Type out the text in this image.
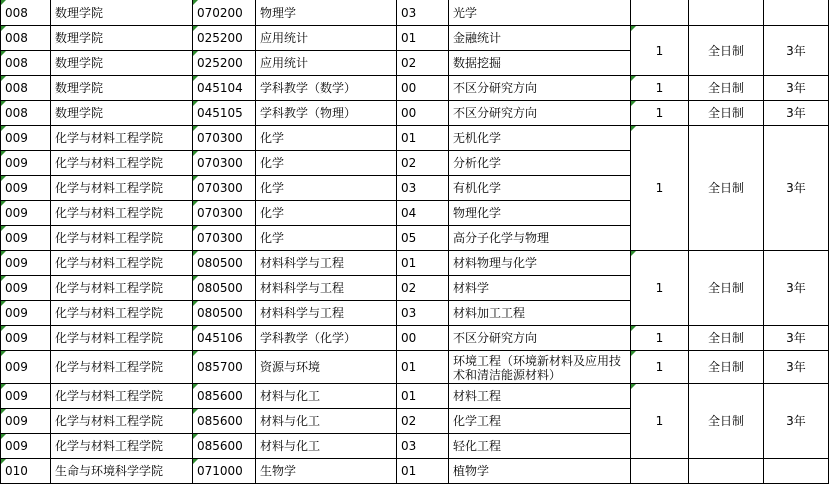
008	数理学院	070200	物理学	03	光学			
008	数理学院	025200	应用统计	01	金融统计	1	全日制	3年
008	数理学院	025200	应用统计	02	数据挖掘			
008	数理学院	045104	学科教学（数学）	00	不区分研究方向	1	全日制	3年
008	数理学院	045105	学科教学（物理）	00	不区分研究方向	1	全日制	3年
009	化学与材料工程学院	070300	化学	01	无机化学	1	全日制	3年
009	化学与材料工程学院	070300	化学	02	分析化学			
009	化学与材料工程学院	070300	化学	03	有机化学			
009	化学与材料工程学院	070300	化学	04	物理化学			
009	化学与材料工程学院	070300	化学	05	高分子化学与物理			
009	化学与材料工程学院	080500	材料科学与工程	01	材料物理与化学	1	全日制	3年
009	化学与材料工程学院	080500	材料科学与工程	02	材料学			
009	化学与材料工程学院	080500	材料科学与工程	03	材料加工工程			
009	化学与材料工程学院	045106	学科教学（化学）	00	不区分研究方向	1	全日制	3年
009	化学与材料工程学院	085700	资源与环境	01	环境工程（环境新材料及应用技术和清洁能源材料）	1	全日制	3年
009	化学与材料工程学院	085600	材料与化工	01	材料工程	1	全日制	3年
009	化学与材料工程学院	085600	材料与化工	02	化学工程			
009	化学与材料工程学院	085600	材料与化工	03	轻化工程			
010	生命与环境科学学院	071000	生物学	01	植物学			
